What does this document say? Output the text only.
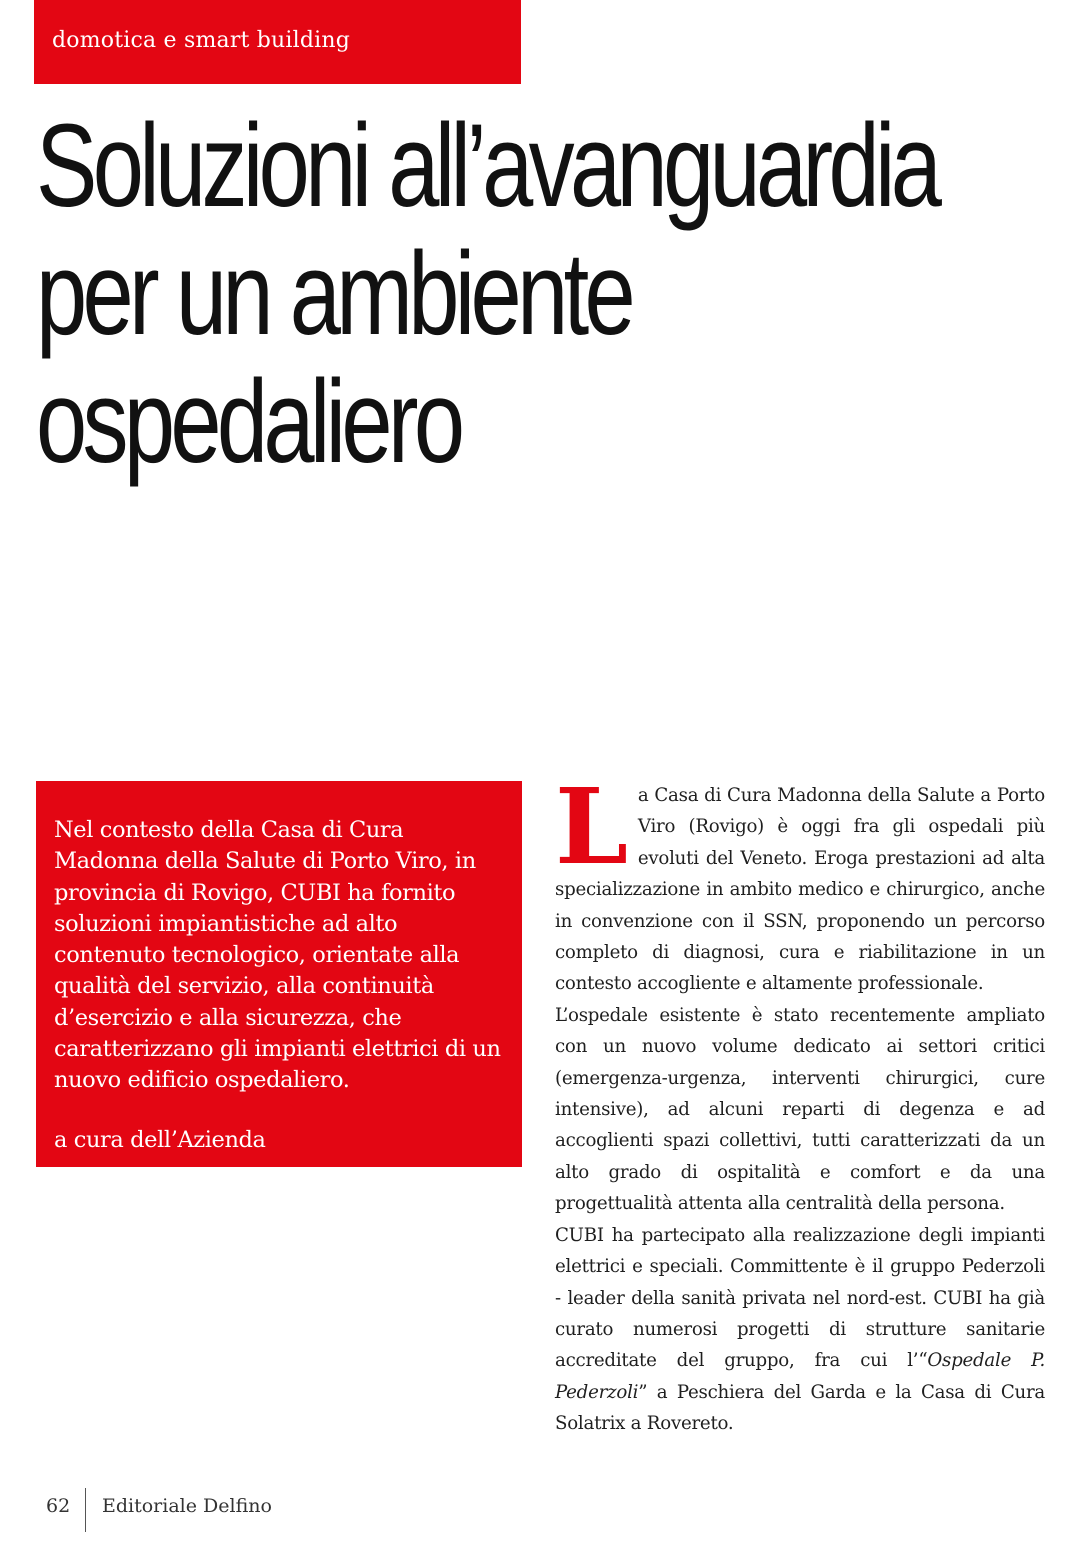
domotica e smart building
Soluzioni all’avanguardia
per un ambiente
ospedaliero

Nel contesto della Casa di Cura Madonna della Salute di Porto Viro, in provincia di Rovigo, CUBI ha fornito soluzioni impiantistiche ad alto contenuto tecnologico, orientate alla qualità del servizio, alla continuità d’esercizio e alla sicurezza, che caratterizzano gli impianti elettrici di un nuovo edificio ospedaliero.

a cura dell’Azienda

L a Casa di Cura Madonna della Salute a Porto Viro (Rovigo) è oggi fra gli ospedali più evoluti del Veneto. Eroga prestazioni ad alta specializzazione in ambito medico e chirurgico, anche in convenzione con il SSN, proponendo un percorso completo di diagnosi, cura e riabilitazione in un contesto accogliente e altamente professionale.

L’ospedale esistente è stato recentemente ampliato con un nuovo volume dedicato ai settori critici (emergenza-urgenza, interventi chirurgici, cure intensive), ad alcuni reparti di degenza e ad accoglienti spazi collettivi, tutti caratterizzati da un alto grado di ospitalità e comfort e da una progettualità attenta alla centralità della persona.

CUBI ha partecipato alla realizzazione degli impianti elettrici e speciali. Committente è il gruppo Pederzoli - leader della sanità privata nel nord-est. CUBI ha già curato numerosi progetti di strutture sanitarie accreditate del gruppo, fra cui l’“Ospedale P. Pederzoli” a Peschiera del Garda e la Casa di Cura Solatrix a Rovereto.

62 Editoriale Delfino
